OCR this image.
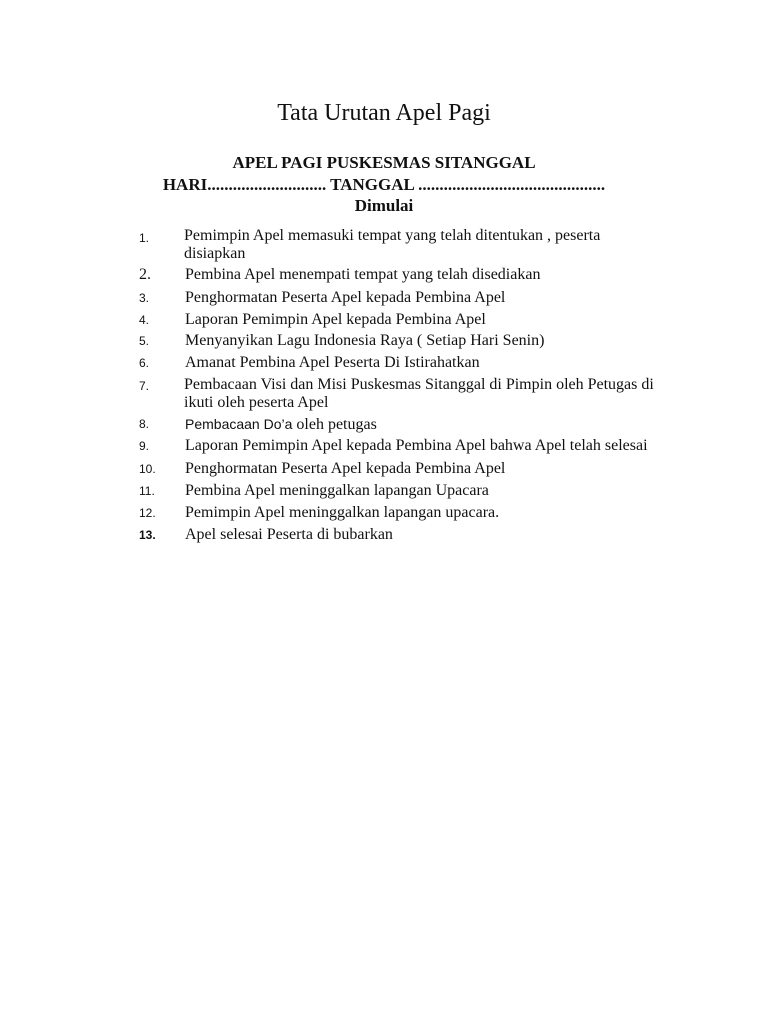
Tata Urutan Apel Pagi
APEL PAGI PUSKESMAS SITANGGAL
HARI............................ TANGGAL ............................................
Dimulai
1.	Pemimpin Apel memasuki tempat yang telah ditentukan , peserta disiapkan
2.	Pembina Apel menempati tempat yang telah disediakan
3.	Penghormatan Peserta Apel kepada Pembina Apel
4.	Laporan Pemimpin Apel kepada Pembina Apel
5.	Menyanyikan Lagu Indonesia Raya ( Setiap Hari Senin)
6.	Amanat Pembina Apel Peserta Di Istirahatkan
7.	Pembacaan Visi dan Misi Puskesmas Sitanggal di Pimpin oleh Petugas di ikuti oleh peserta Apel
8.	Pembacaan Do’a oleh petugas
9.	Laporan Pemimpin Apel kepada Pembina Apel bahwa Apel telah selesai
10.	Penghormatan Peserta Apel kepada Pembina Apel
11.	Pembina Apel meninggalkan lapangan Upacara
12.	Pemimpin Apel meninggalkan lapangan upacara.
13.	Apel selesai Peserta di bubarkan
